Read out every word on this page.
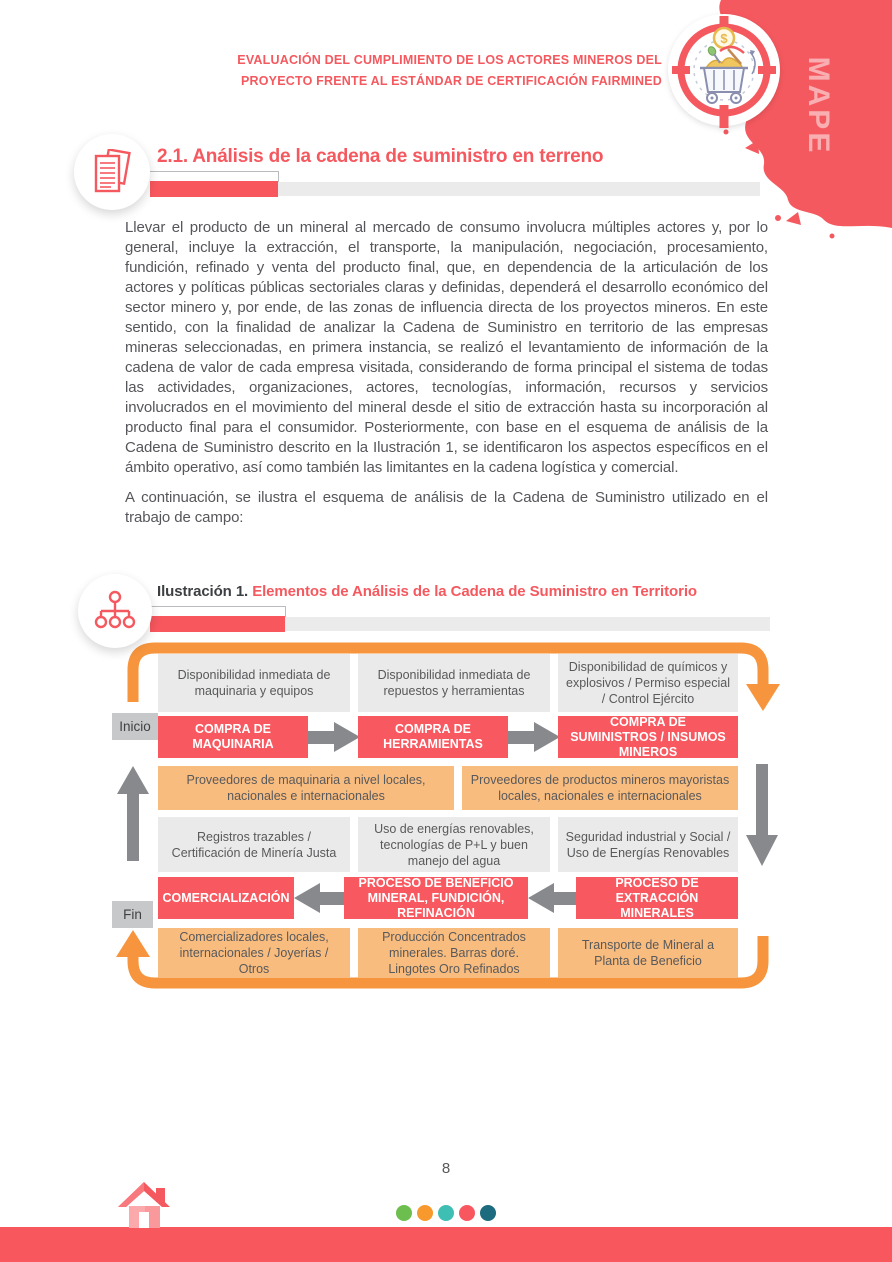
EVALUACIÓN DEL CUMPLIMIENTO DE LOS ACTORES MINEROS DEL
PROYECTO FRENTE AL ESTÁNDAR DE CERTIFICACIÓN FAIRMINED	MAPE
$
2.1. Análisis de la cadena de suministro en terreno

Llevar el producto de un mineral al mercado de consumo involucra múltiples actores y, por lo general, incluye la extracción, el transporte, la manipulación, negociación, procesamiento, fundición, refinado y venta del producto final, que, en dependencia de la articulación de los actores y políticas públicas sectoriales claras y definidas, dependerá el desarrollo económico del sector minero y, por ende, de las zonas de influencia directa de los proyectos mineros. En este sentido, con la finalidad de analizar la Cadena de Suministro en territorio de las empresas mineras seleccionadas, en primera instancia, se realizó el levantamiento de información de la cadena de valor de cada empresa visitada, considerando de forma principal el sistema de todas las actividades, organizaciones, actores, tecnologías, información, recursos y servicios involucrados en el movimiento del mineral desde el sitio de extracción hasta su incorporación al producto final para el consumidor. Posteriormente, con base en el esquema de análisis de la Cadena de Suministro descrito en la Ilustración 1, se identificaron los aspectos específicos en el ámbito operativo, así como también las limitantes en la cadena logística y comercial.

A continuación, se ilustra el esquema de análisis de la Cadena de Suministro utilizado en el trabajo de campo:

Ilustración 1. Elementos de Análisis de la Cadena de Suministro en Territorio
Inicio
Fin
Disponibilidad inmediata de maquinaria y equipos
Disponibilidad inmediata de repuestos y herramientas
Disponibilidad de químicos y explosivos / Permiso especial / Control Ejército
COMPRA DE MAQUINARIA
COMPRA DE HERRAMIENTAS
COMPRA DE SUMINISTROS / INSUMOS MINEROS
Proveedores de maquinaria a nivel locales, nacionales e internacionales
Proveedores de productos mineros mayoristas locales, nacionales e internacionales
Registros trazables / Certificación de Minería Justa
Uso de energías renovables, tecnologías de P+L y buen manejo del agua
Seguridad industrial y Social / Uso de Energías Renovables
COMERCIALIZACIÓN
PROCESO DE BENEFICIO MINERAL, FUNDICIÓN, REFINACIÓN
PROCESO DE EXTRACCIÓN MINERALES
Comercializadores locales, internacionales / Joyerías / Otros
Producción Concentrados minerales. Barras doré. Lingotes Oro Refinados
Transporte de Mineral a Planta de Beneficio
8
